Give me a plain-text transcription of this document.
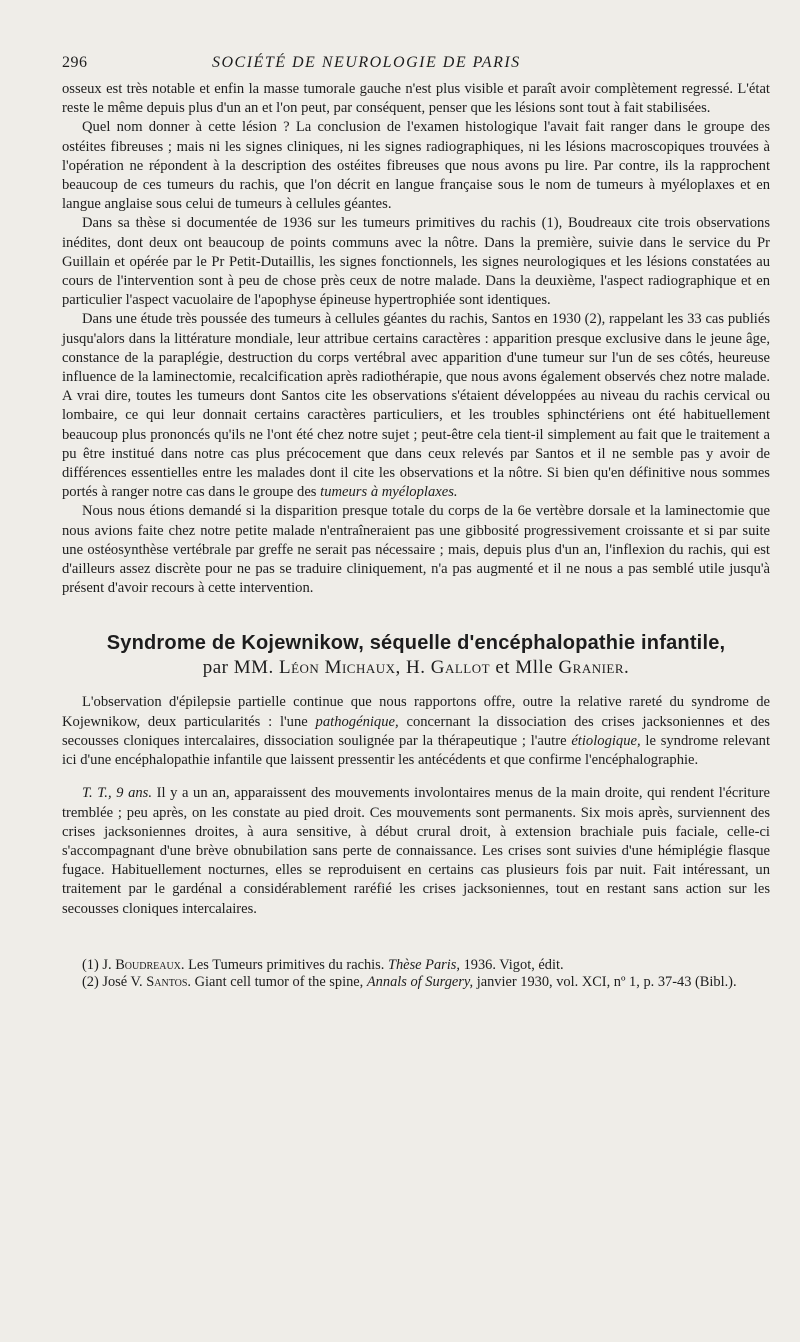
296	SOCIÉTÉ DE NEUROLOGIE DE PARIS

osseux est très notable et enfin la masse tumorale gauche n'est plus visible et paraît avoir complètement regressé. L'état reste le même depuis plus d'un an et l'on peut, par conséquent, penser que les lésions sont tout à fait stabilisées.

Quel nom donner à cette lésion ? La conclusion de l'examen histologique l'avait fait ranger dans le groupe des ostéites fibreuses ; mais ni les signes cliniques, ni les signes radiographiques, ni les lésions macroscopiques trouvées à l'opération ne répondent à la description des ostéites fibreuses que nous avons pu lire. Par contre, ils la rapprochent beaucoup de ces tumeurs du rachis, que l'on décrit en langue française sous le nom de tumeurs à myéloplaxes et en langue anglaise sous celui de tumeurs à cellules géantes.

Dans sa thèse si documentée de 1936 sur les tumeurs primitives du rachis (1), Boudreaux cite trois observations inédites, dont deux ont beaucoup de points communs avec la nôtre. Dans la première, suivie dans le service du Pr Guillain et opérée par le Pr Petit-Dutaillis, les signes fonctionnels, les signes neurologiques et les lésions constatées au cours de l'intervention sont à peu de chose près ceux de notre malade. Dans la deuxième, l'aspect radiographique et en particulier l'aspect vacuolaire de l'apophyse épineuse hypertrophiée sont identiques.

Dans une étude très poussée des tumeurs à cellules géantes du rachis, Santos en 1930 (2), rappelant les 33 cas publiés jusqu'alors dans la littérature mondiale, leur attribue certains caractères : apparition presque exclusive dans le jeune âge, constance de la paraplégie, destruction du corps vertébral avec apparition d'une tumeur sur l'un de ses côtés, heureuse influence de la laminectomie, recalcification après radiothérapie, que nous avons également observés chez notre malade. A vrai dire, toutes les tumeurs dont Santos cite les observations s'étaient développées au niveau du rachis cervical ou lombaire, ce qui leur donnait certains caractères particuliers, et les troubles sphinctériens ont été habituellement beaucoup plus prononcés qu'ils ne l'ont été chez notre sujet ; peut-être cela tient-il simplement au fait que le traitement a pu être institué dans notre cas plus précocement que dans ceux relevés par Santos et il ne semble pas y avoir de différences essentielles entre les malades dont il cite les observations et la nôtre. Si bien qu'en définitive nous sommes portés à ranger notre cas dans le groupe des tumeurs à myéloplaxes.

Nous nous étions demandé si la disparition presque totale du corps de la 6e vertèbre dorsale et la laminectomie que nous avions faite chez notre petite malade n'entraîneraient pas une gibbosité progressivement croissante et si par suite une ostéosynthèse vertébrale par greffe ne serait pas nécessaire ; mais, depuis plus d'un an, l'inflexion du rachis, qui est d'ailleurs assez discrète pour ne pas se traduire cliniquement, n'a pas augmenté et il ne nous a pas semblé utile jusqu'à présent d'avoir recours à cette intervention.

Syndrome de Kojewnikow, séquelle d'encéphalopathie infantile,
par MM. Léon Michaux, H. Gallot et Mlle Granier.

L'observation d'épilepsie partielle continue que nous rapportons offre, outre la relative rareté du syndrome de Kojewnikow, deux particularités : l'une pathogénique, concernant la dissociation des crises jacksoniennes et des secousses cloniques intercalaires, dissociation soulignée par la thérapeutique ; l'autre étiologique, le syndrome relevant ici d'une encéphalopathie infantile que laissent pressentir les antécédents et que confirme l'encéphalographie.

T. T., 9 ans. Il y a un an, apparaissent des mouvements involontaires menus de la main droite, qui rendent l'écriture tremblée ; peu après, on les constate au pied droit. Ces mouvements sont permanents. Six mois après, surviennent des crises jacksoniennes droites, à aura sensitive, à début crural droit, à extension brachiale puis faciale, celle-ci s'accompagnant d'une brève obnubilation sans perte de connaissance. Les crises sont suivies d'une hémiplégie flasque fugace. Habituellement nocturnes, elles se reproduisent en certains cas plusieurs fois par nuit. Fait intéressant, un traitement par le gardénal a considérablement raréfié les crises jacksoniennes, tout en restant sans action sur les secousses cloniques intercalaires.

(1) J. Boudreaux. Les Tumeurs primitives du rachis. Thèse Paris, 1936. Vigot, édit.

(2) José V. Santos. Giant cell tumor of the spine, Annals of Surgery, janvier 1930, vol. XCI, nº 1, p. 37-43 (Bibl.).
